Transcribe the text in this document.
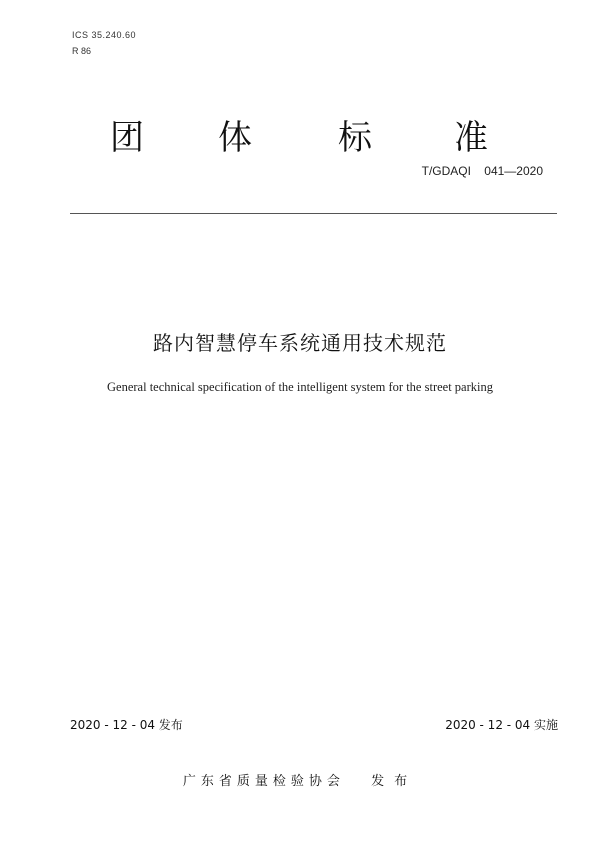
ICS 35.240.60
R 86
团 体	标 准
T/GDAQI    041—2020
路内智慧停车系统通用技术规范
General technical specification of the intelligent system for the street parking
2020 - 12 - 04 发布	2020 - 12 - 04 实施
广东省质量检验协会 发布
